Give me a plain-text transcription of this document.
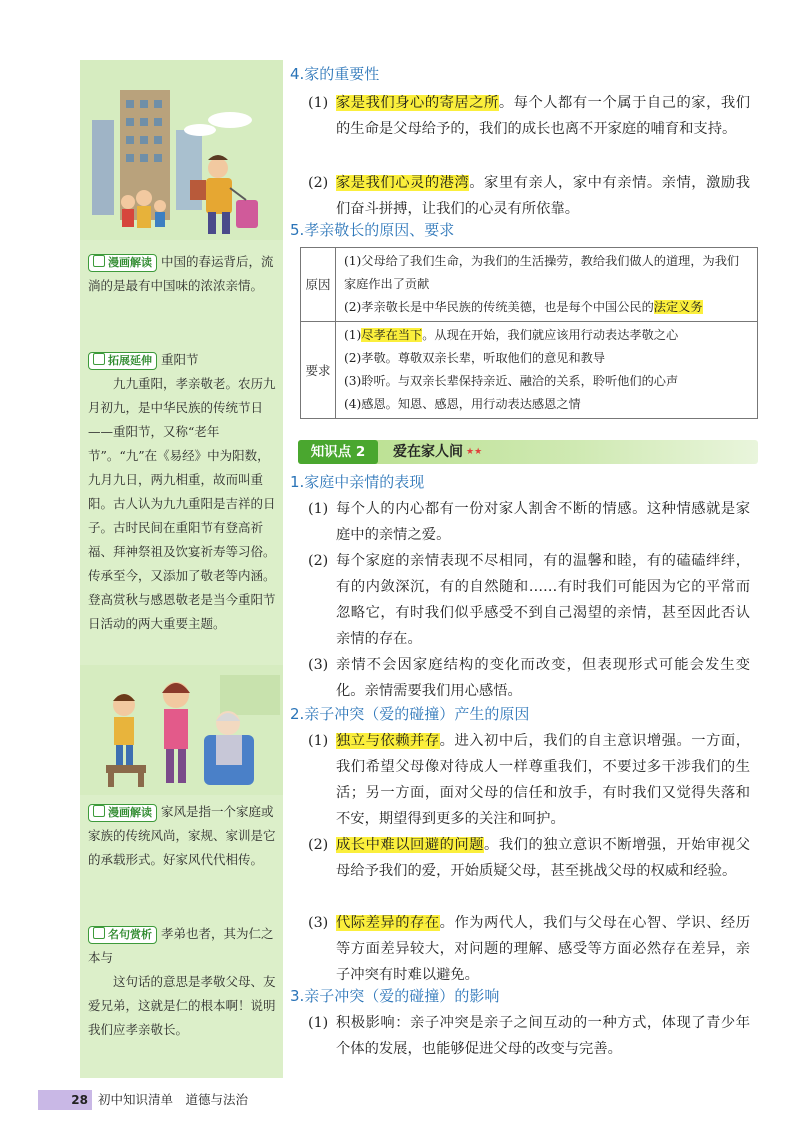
漫画解读 中国的春运背后，流淌的是最有中国味的浓浓亲情。
拓展延伸 重阳节
九九重阳，孝亲敬老。农历九月初九，是中华民族的传统节日——重阳节，又称“老年节”。“九”在《易经》中为阳数，九月九日，两九相重，故而叫重阳。古人认为九九重阳是吉祥的日子。古时民间在重阳节有登高祈福、拜神祭祖及饮宴祈寿等习俗。传承至今，又添加了敬老等内涵。登高赏秋与感恩敬老是当今重阳节日活动的两大重要主题。
漫画解读 家风是指一个家庭或家族的传统风尚，家规、家训是它的承载形式。好家风代代相传。
名句赏析 孝弟也者，其为仁之本与
这句话的意思是孝敬父母、友爱兄弟，这就是仁的根本啊！说明我们应孝亲敬长。
4.家的重要性
(1) 家是我们身心的寄居之所。每个人都有一个属于自己的家，我们的生命是父母给予的，我们的成长也离不开家庭的哺育和支持。
(2) 家是我们心灵的港湾。家里有亲人，家中有亲情。亲情，激励我们奋斗拼搏，让我们的心灵有所依靠。
5.孝亲敬长的原因、要求
原因
(1)父母给了我们生命，为我们的生活操劳，教给我们做人的道理，为我们家庭作出了贡献
(2)孝亲敬长是中华民族的传统美德，也是每个中国公民的法定义务
要求
(1)尽孝在当下。从现在开始，我们就应该用行动表达孝敬之心
(2)孝敬。尊敬双亲长辈，听取他们的意见和教导
(3)聆听。与双亲长辈保持亲近、融洽的关系，聆听他们的心声
(4)感恩。知恩、感恩，用行动表达感恩之情
知识点 2	爱在家人间 ★★
1.家庭中亲情的表现
(1) 每个人的内心都有一份对家人割舍不断的情感。这种情感就是家庭中的亲情之爱。
(2) 每个家庭的亲情表现不尽相同，有的温馨和睦，有的磕磕绊绊，有的内敛深沉，有的自然随和……有时我们可能因为它的平常而忽略它，有时我们似乎感受不到自己渴望的亲情，甚至因此否认亲情的存在。
(3) 亲情不会因家庭结构的变化而改变，但表现形式可能会发生变化。亲情需要我们用心感悟。
2.亲子冲突（爱的碰撞）产生的原因
(1) 独立与依赖并存。进入初中后，我们的自主意识增强。一方面，我们希望父母像对待成人一样尊重我们，不要过多干涉我们的生活；另一方面，面对父母的信任和放手，有时我们又觉得失落和不安，期望得到更多的关注和呵护。
(2) 成长中难以回避的问题。我们的独立意识不断增强，开始审视父母给予我们的爱，开始质疑父母，甚至挑战父母的权威和经验。
(3) 代际差异的存在。作为两代人，我们与父母在心智、学识、经历等方面差异较大，对问题的理解、感受等方面必然存在差异，亲子冲突有时难以避免。
3.亲子冲突（爱的碰撞）的影响
(1) 积极影响：亲子冲突是亲子之间互动的一种方式，体现了青少年个体的发展，也能够促进父母的改变与完善。
28 初中知识清单　道德与法治
